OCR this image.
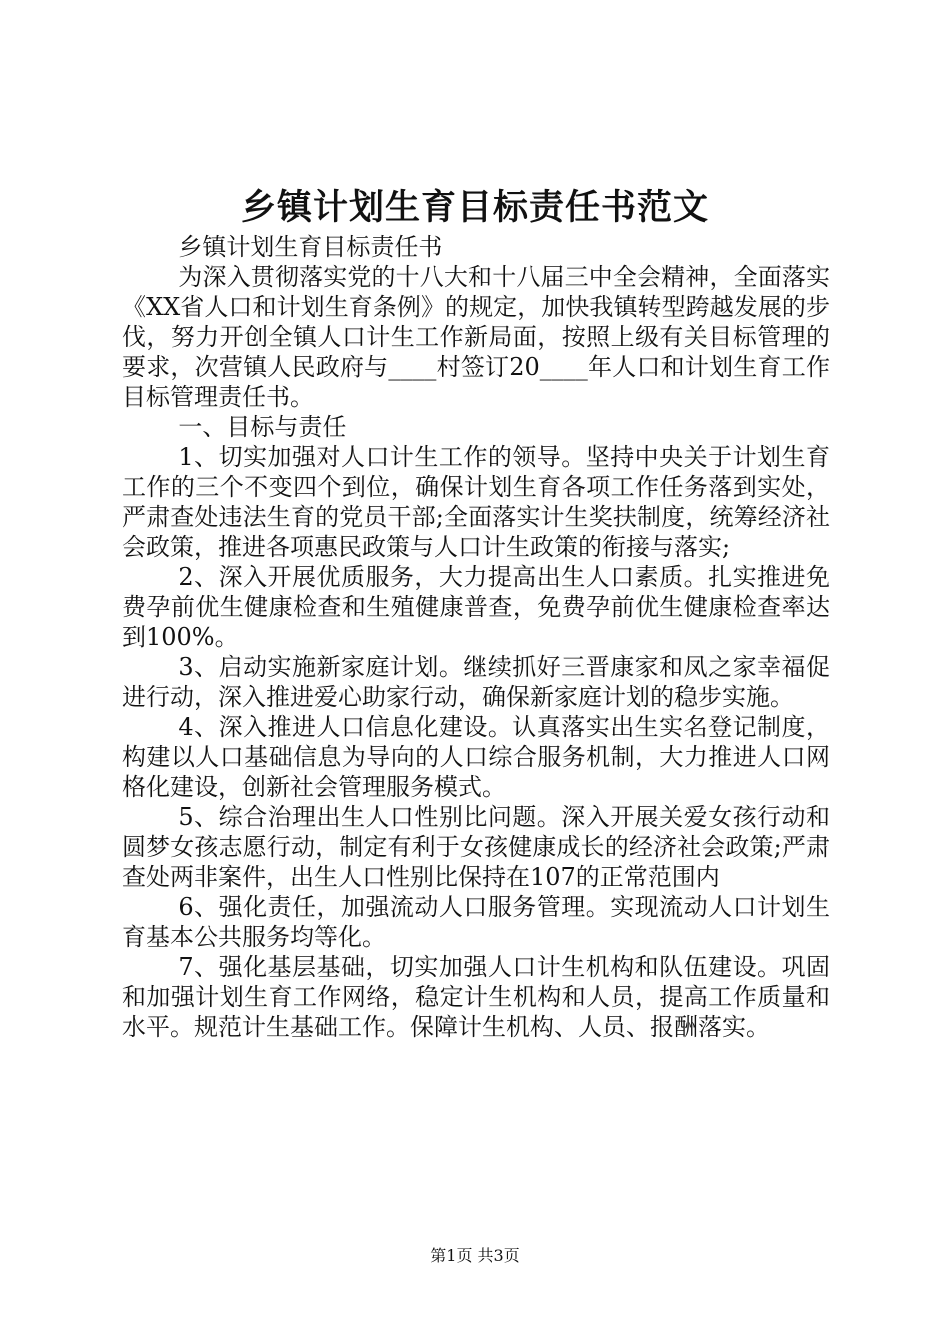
乡镇计划生育目标责任书范文

乡镇计划生育目标责任书

为深入贯彻落实党的十八大和十八届三中全会精神，全面落实《XX省人口和计划生育条例》的规定，加快我镇转型跨越发展的步伐，努力开创全镇人口计生工作新局面，按照上级有关目标管理的要求，次营镇人民政府与____村签订20____年人口和计划生育工作目标管理责任书。

一、目标与责任

1、切实加强对人口计生工作的领导。坚持中央关于计划生育工作的三个不变四个到位，确保计划生育各项工作任务落到实处，严肃查处违法生育的党员干部;全面落实计生奖扶制度，统筹经济社会政策，推进各项惠民政策与人口计生政策的衔接与落实;

2、深入开展优质服务，大力提高出生人口素质。扎实推进免费孕前优生健康检查和生殖健康普查，免费孕前优生健康检查率达到100%。

3、启动实施新家庭计划。继续抓好三晋康家和凤之家幸福促进行动，深入推进爱心助家行动，确保新家庭计划的稳步实施。

4、深入推进人口信息化建设。认真落实出生实名登记制度，构建以人口基础信息为导向的人口综合服务机制，大力推进人口网格化建设，创新社会管理服务模式。

5、综合治理出生人口性别比问题。深入开展关爱女孩行动和圆梦女孩志愿行动，制定有利于女孩健康成长的经济社会政策;严肃查处两非案件，出生人口性别比保持在107的正常范围内

6、强化责任，加强流动人口服务管理。实现流动人口计划生育基本公共服务均等化。

7、强化基层基础，切实加强人口计生机构和队伍建设。巩固和加强计划生育工作网络，稳定计生机构和人员，提高工作质量和水平。规范计生基础工作。保障计生机构、人员、报酬落实。

第1页 共3页
